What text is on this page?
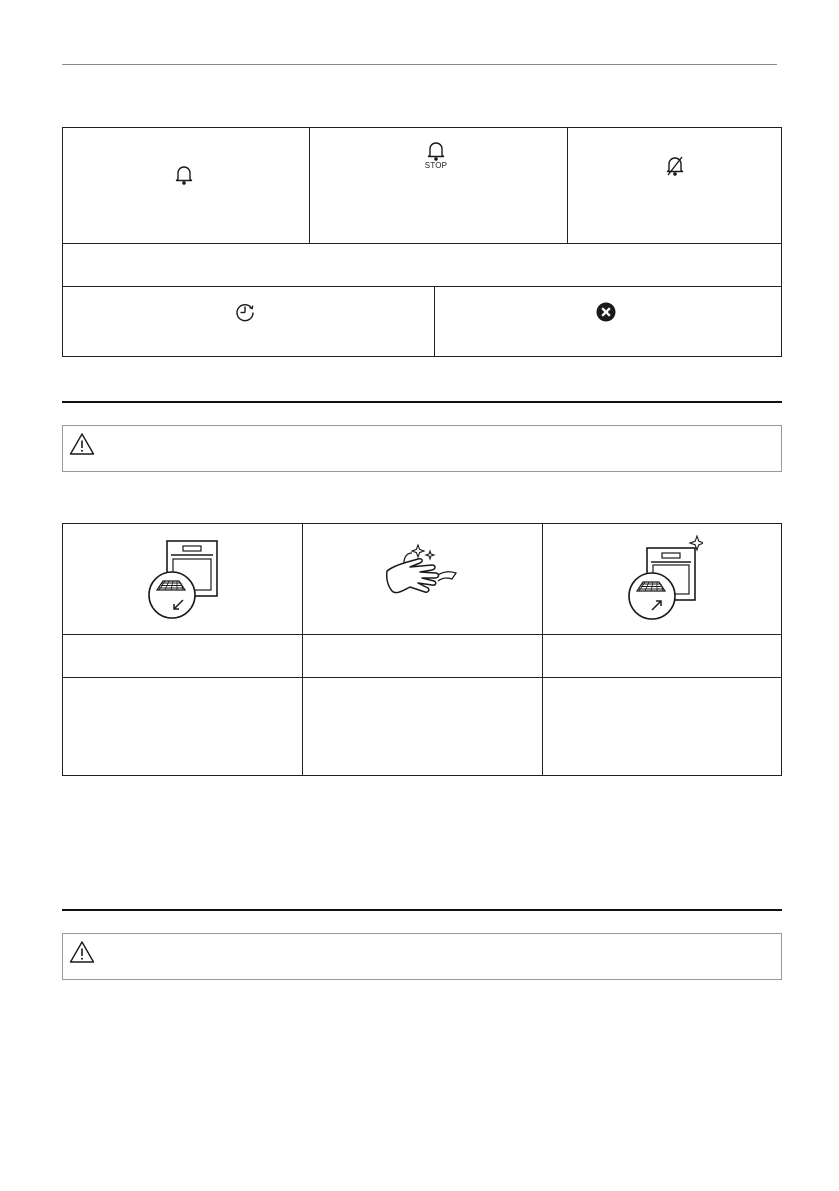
STOP
